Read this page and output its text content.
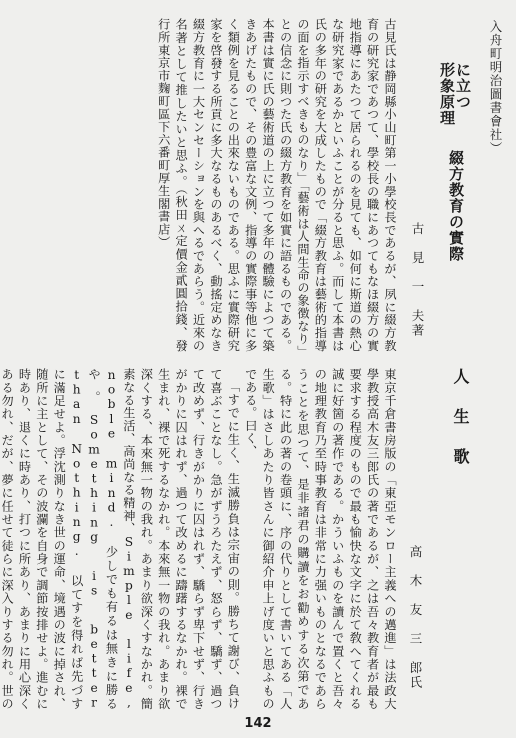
入舟町明治圖書會社）
形象原理
に立つ
綴方教育の實際
古　見　一　夫著

古見氏は静岡縣小山町第一小學校長であるが、夙に綴方教育の研究家であつて、學校長の職にあつてもなほ綴方の實地指導にあたつて居られるのを見ても、如何に斯道の熱心な研究家であるかといふことが分ると思ふ。而して本書は氏の多年の研究を大成したもので「綴方教育は藝術的指導の面を指示すべきものなり」「藝術は人間生命の象徴なり」との信念に則つた氏の綴方教育を如實に語るものである。本書は實に氏の藝術道の上に立つて多年の體驗によつて築きあげたもので、その豊富な文例、指導の實際事等他に多く類例を見ることの出來ないものである。思ふに實際研究家を啓發する所貢に多大なるものあるべく、動搖定めなき綴方教育に一大センセーションを與へるであらう。近來の名著として推したいと思ふ。（秋田ㄨ定價金貳圓拾錢、發行所東京市麴町區下六番町厚生閣書店）

人　生　歌
高　木　友　三　郎氏

東京千倉書房版の「東亞モンロー主義への邁進」は法政大學教授高木友三郎氏の著であるが、之は吾々教育者が最も要求する程度のもので最も愉快な文字に於て敎へてくれる誠に好箇の著作である。かういふものを讀んで置くと吾々の地理教育乃至時事教育は非常に力强いものとなるであらうことを思つて、是非諸君の購讀をお勸めする次第である。特に此の著の卷頭に、序の代りとして書いてある「人生歌」はさしあたり皆さんに御紹介申上げ度いと思ふものである。曰く、

「すでに生く、生滅勝負は宗宙の則。勝ちて謝び、負けて喜ぶことなし。急がずうろたえず、怒らず、驕ず、過つて改めず、行きがかりに囚はれず、驕らず卑下せず、行きがかりに囚はれず、過つて改めるに躊躇するなかれ。裸で生まれ、裸で死するなかれ。本來無一物の我れ。あまり欲深くする、本來無一物の我れ。あまり欲深くすなかれ。簡素なる生活、高尚なる精神、Simple life, noble mind. 少しでも有るは無きに勝るや。Something is better than Nothing. 以てすを得れば先づすに滿足せよ。浮沈測りなき世の運命、境遇の波に掉され、随所に主として、その波瀾を自身で調節按排せよ。進むに時あり、退くに時あり、打つに所あり、あまりに用心深くある勿れ、だが、夢に任せて徒らに深入りする勿れ。世の

142
